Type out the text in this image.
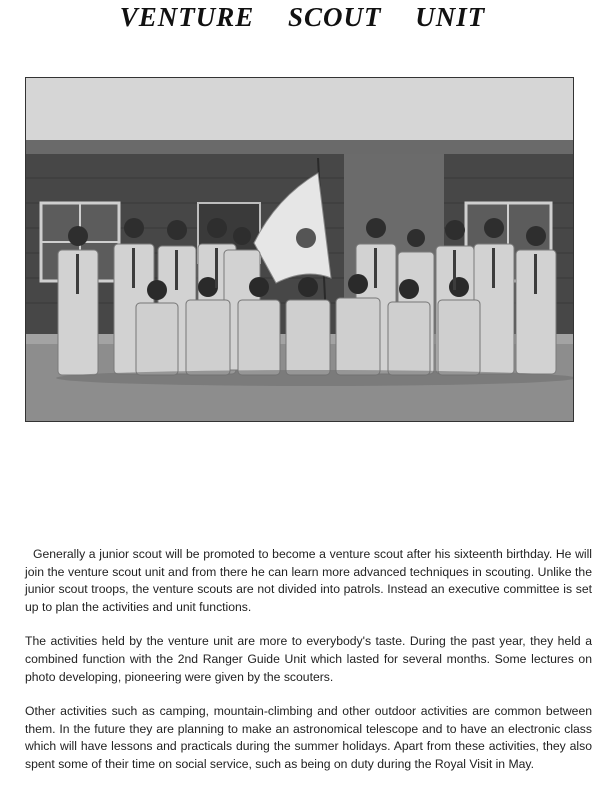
VENTURE SCOUT UNIT

Generally a junior scout will be promoted to become a venture scout after his sixteenth birthday. He will join the venture scout unit and from there he can learn more advanced techniques in scouting. Unlike the junior scout troops, the venture scouts are not divided into patrols. Instead an executive committee is set up to plan the activities and unit functions.

The activities held by the venture unit are more to everybody's taste. During the past year, they held a combined function with the 2nd Ranger Guide Unit which lasted for several months. Some lectures on photo developing, pioneering were given by the scouters.

Other activities such as camping, mountain-climbing and other outdoor activities are common between them. In the future they are planning to make an astronomical telescope and to have an electronic class which will have lessons and practicals during the summer holidays. Apart from these activities, they also spent some of their time on social service, such as being on duty during the Royal Visit in May.
